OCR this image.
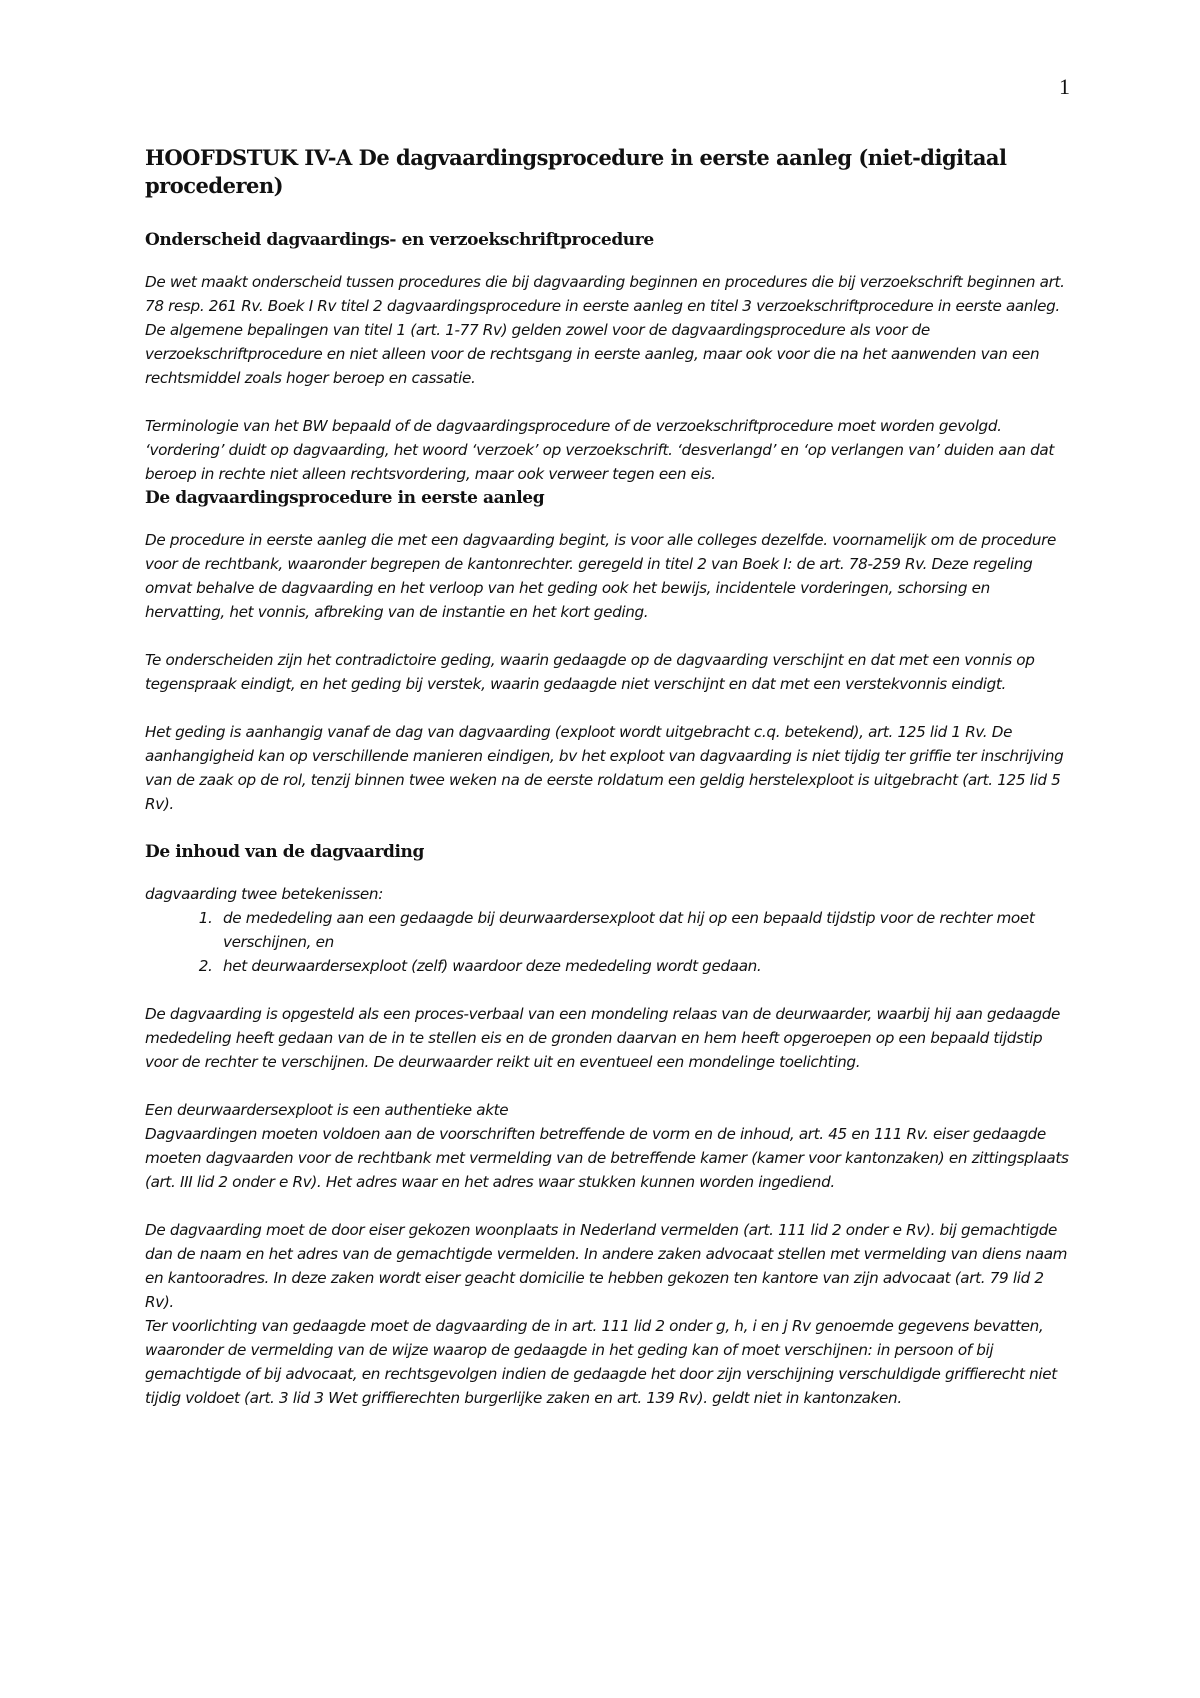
1
HOOFDSTUK IV-A De dagvaardingsprocedure in eerste aanleg (niet-digitaal procederen)
Onderscheid dagvaardings- en verzoekschriftprocedure

De wet maakt onderscheid tussen procedures die bij dagvaarding beginnen en procedures die bij verzoekschrift beginnen art. 78 resp. 261 Rv. Boek I Rv titel 2 dagvaardingsprocedure in eerste aanleg en titel 3 verzoekschriftprocedure in eerste aanleg. De algemene bepalingen van titel 1 (art. 1-77 Rv) gelden zowel voor de dagvaardingsprocedure als voor de verzoekschriftprocedure en niet alleen voor de rechtsgang in eerste aanleg, maar ook voor die na het aanwenden van een rechtsmiddel zoals hoger beroep en cassatie.

Terminologie van het BW bepaald of de dagvaardingsprocedure of de verzoekschriftprocedure moet worden gevolgd. ‘vordering’ duidt op dagvaarding, het woord ‘verzoek’ op verzoekschrift. ‘desverlangd’ en ‘op verlangen van’ duiden aan dat beroep in rechte niet alleen rechtsvordering, maar ook verweer tegen een eis.

De dagvaardingsprocedure in eerste aanleg

De procedure in eerste aanleg die met een dagvaarding begint, is voor alle colleges dezelfde. voornamelijk om de procedure voor de rechtbank, waaronder begrepen de kantonrechter. geregeld in titel 2 van Boek I: de art. 78-259 Rv. Deze regeling omvat behalve de dagvaarding en het verloop van het geding ook het bewijs, incidentele vorderingen, schorsing en hervatting, het vonnis, afbreking van de instantie en het kort geding.

Te onderscheiden zijn het contradictoire geding, waarin gedaagde op de dagvaarding verschijnt en dat met een vonnis op tegenspraak eindigt, en het geding bij verstek, waarin gedaagde niet verschijnt en dat met een verstekvonnis eindigt.

Het geding is aanhangig vanaf de dag van dagvaarding (exploot wordt uitgebracht c.q. betekend), art. 125 lid 1 Rv. De aanhangigheid kan op verschillende manieren eindigen, bv het exploot van dagvaarding is niet tijdig ter griffie ter inschrijving van de zaak op de rol, tenzij binnen twee weken na de eerste roldatum een geldig herstelexploot is uitgebracht (art. 125 lid 5 Rv).

De inhoud van de dagvaarding

dagvaarding twee betekenissen:

1. de mededeling aan een gedaagde bij deurwaardersexploot dat hij op een bepaald tijdstip voor de rechter moet verschijnen, en
2. het deurwaardersexploot (zelf) waardoor deze mededeling wordt gedaan.

De dagvaarding is opgesteld als een proces-verbaal van een mondeling relaas van de deurwaarder, waarbij hij aan gedaagde mededeling heeft gedaan van de in te stellen eis en de gronden daarvan en hem heeft opgeroepen op een bepaald tijdstip voor de rechter te verschijnen. De deurwaarder reikt uit en eventueel een mondelinge toelichting.

Een deurwaardersexploot is een authentieke akte

Dagvaardingen moeten voldoen aan de voorschriften betreffende de vorm en de inhoud, art. 45 en 111 Rv. eiser gedaagde moeten dagvaarden voor de rechtbank met vermelding van de betreffende kamer (kamer voor kantonzaken) en zittingsplaats (art. III lid 2 onder e Rv). Het adres waar en het adres waar stukken kunnen worden ingediend.

De dagvaarding moet de door eiser gekozen woonplaats in Nederland vermelden (art. 111 lid 2 onder e Rv). bij gemachtigde dan de naam en het adres van de gemachtigde vermelden. In andere zaken advocaat stellen met vermelding van diens naam en kantooradres. In deze zaken wordt eiser geacht domicilie te hebben gekozen ten kantore van zijn advocaat (art. 79 lid 2 Rv).

Ter voorlichting van gedaagde moet de dagvaarding de in art. 111 lid 2 onder g, h, i en j Rv genoemde gegevens bevatten, waaronder de vermelding van de wijze waarop de gedaagde in het geding kan of moet verschijnen: in persoon of bij gemachtigde of bij advocaat, en rechtsgevolgen indien de gedaagde het door zijn verschijning verschuldigde griffierecht niet tijdig voldoet (art. 3 lid 3 Wet griffierechten burgerlijke zaken en art. 139 Rv). geldt niet in kantonzaken.
